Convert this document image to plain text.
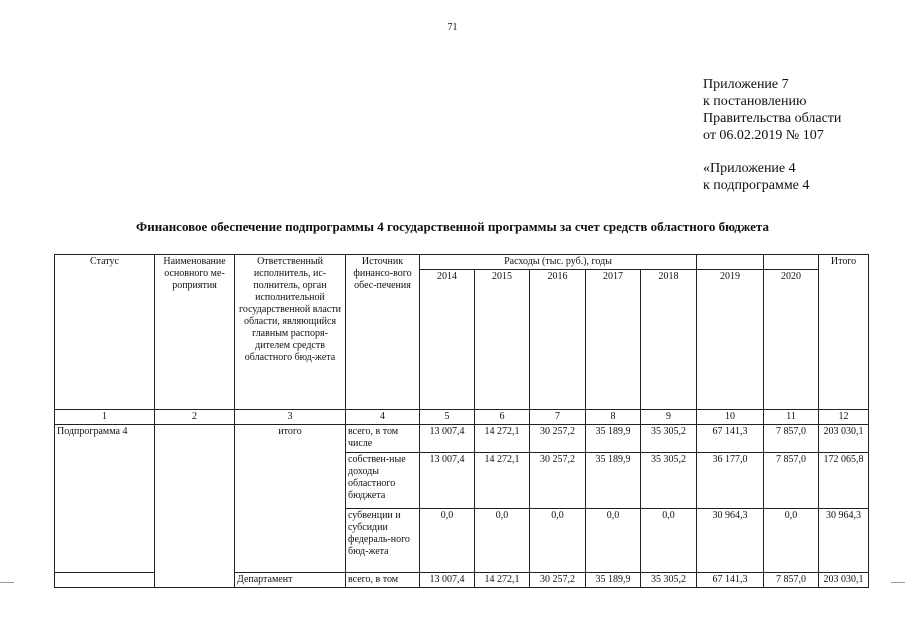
71
Приложение 7
к постановлению
Правительства области
от 06.02.2019 № 107
«Приложение 4
к подпрограмме 4
Финансовое обеспечение подпрограммы 4 государственной программы за счет средств областного бюджета
Статус	Наименование основного ме-роприятия	Ответственный исполнитель, ис-полнитель, орган исполнительной государственной власти области, являющийся главным распоря-дителем средств областного бюд-жета	Источник финансо-вого обес-печения	Расходы (тыс. руб.), годы							Итого
				2014	2015	2016	2017	2018	2019	2020	

1	2	3	4	5	6	7	8	9	10	11	12
Подпрограмма 4		итого	всего, в том числе	13 007,4	14 272,1	30 257,2	35 189,9	35 305,2	67 141,3	7 857,0	203 030,1
			собствен-ные доходы областного бюджета	13 007,4	14 272,1	30 257,2	35 189,9	35 305,2	36 177,0	7 857,0	172 065,8
			субвенции и субсидии федераль-ного бюд-жета	0,0	0,0	0,0	0,0	0,0	30 964,3	0,0	30 964,3
		Департамент	всего, в том	13 007,4	14 272,1	30 257,2	35 189,9	35 305,2	67 141,3	7 857,0	203 030,1
